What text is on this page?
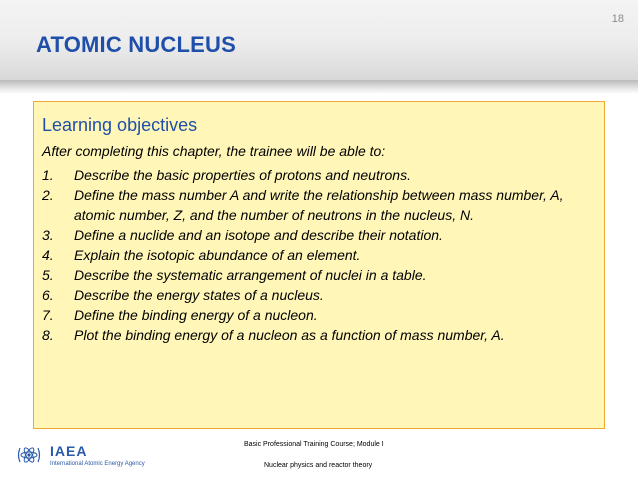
18
ATOMIC NUCLEUS
Learning objectives
After completing this chapter, the trainee will be able to:
1. Describe the basic properties of protons and neutrons.
2. Define the mass number A and write the relationship between mass number, A, atomic number, Z, and the number of neutrons in the nucleus, N.
3. Define a nuclide and an isotope and describe their notation.
4. Explain the isotopic abundance of an element.
5. Describe the systematic arrangement of nuclei in a table.
6. Describe the energy states of a nucleus.
7. Define the binding energy of a nucleon.
8. Plot the binding energy of a nucleon as a function of mass number, A.
IAEA
International Atomic Energy Agency
Basic Professional Training Course; Module I
Nuclear physics and reactor theory
